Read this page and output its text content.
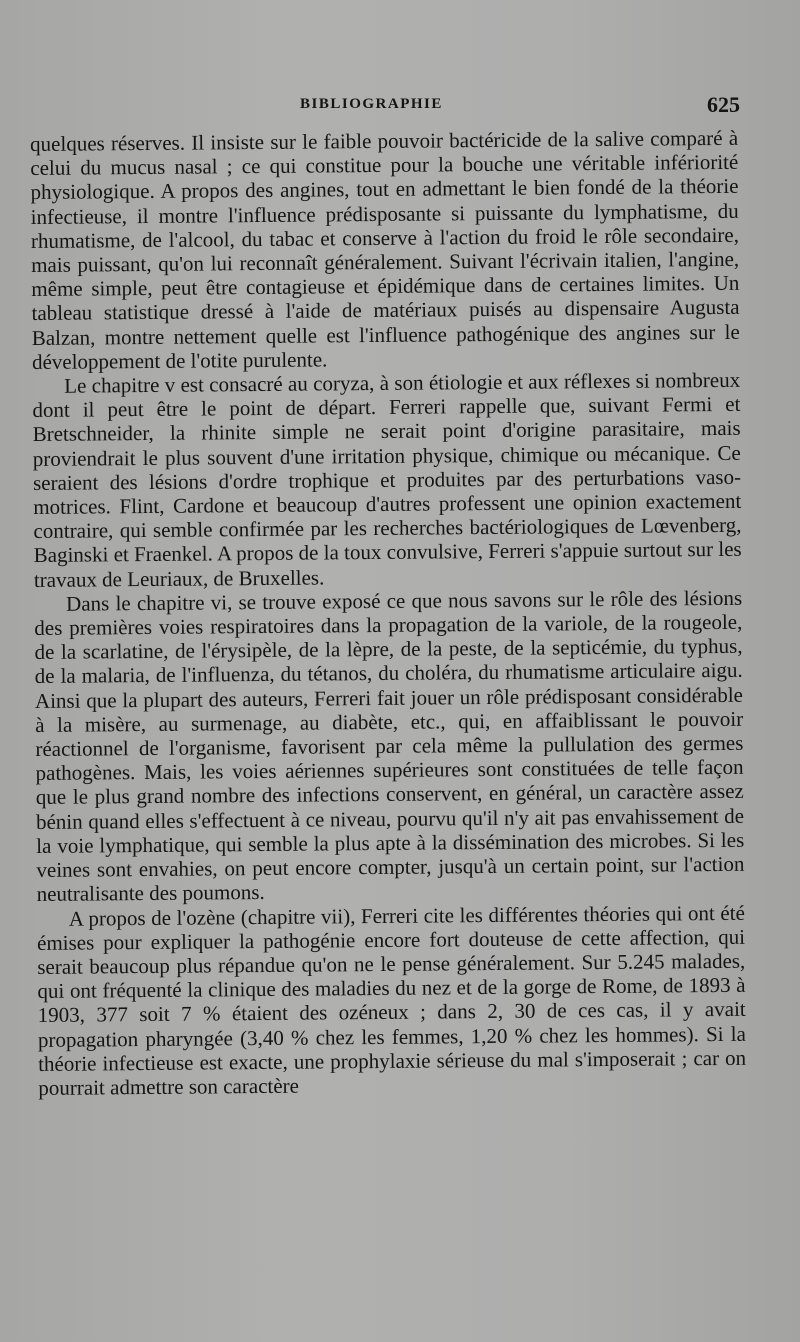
BIBLIOGRAPHIE	625

quelques réserves. Il insiste sur le faible pouvoir bactéricide de la salive comparé à celui du mucus nasal ; ce qui constitue pour la bouche une véritable infériorité physiologique. A propos des angines, tout en admettant le bien fondé de la théorie infectieuse, il montre l'influence prédisposante si puissante du lymphatisme, du rhumatisme, de l'alcool, du tabac et conserve à l'action du froid le rôle secondaire, mais puissant, qu'on lui reconnaît généralement. Suivant l'écrivain italien, l'angine, même simple, peut être contagieuse et épidémique dans de certaines limites. Un tableau statistique dressé à l'aide de matériaux puisés au dispensaire Augusta Balzan, montre nettement quelle est l'influence pathogénique des angines sur le développement de l'otite purulente.

Le chapitre v est consacré au coryza, à son étiologie et aux réflexes si nombreux dont il peut être le point de départ. Ferreri rappelle que, suivant Fermi et Bretschneider, la rhinite simple ne serait point d'origine parasitaire, mais proviendrait le plus souvent d'une irritation physique, chimique ou mécanique. Ce seraient des lésions d'ordre trophique et produites par des perturbations vaso-motrices. Flint, Cardone et beaucoup d'autres professent une opinion exactement contraire, qui semble confirmée par les recherches bactériologiques de Lœvenberg, Baginski et Fraenkel. A propos de la toux convulsive, Ferreri s'appuie surtout sur les travaux de Leuriaux, de Bruxelles.

Dans le chapitre vi, se trouve exposé ce que nous savons sur le rôle des lésions des premières voies respiratoires dans la propagation de la variole, de la rougeole, de la scarlatine, de l'érysipèle, de la lèpre, de la peste, de la septicémie, du typhus, de la malaria, de l'influenza, du tétanos, du choléra, du rhumatisme articulaire aigu. Ainsi que la plupart des auteurs, Ferreri fait jouer un rôle prédisposant considérable à la misère, au surmenage, au diabète, etc., qui, en affaiblissant le pouvoir réactionnel de l'organisme, favorisent par cela même la pullulation des germes pathogènes. Mais, les voies aériennes supérieures sont constituées de telle façon que le plus grand nombre des infections conservent, en général, un caractère assez bénin quand elles s'effectuent à ce niveau, pourvu qu'il n'y ait pas envahissement de la voie lymphatique, qui semble la plus apte à la dissémination des microbes. Si les veines sont envahies, on peut encore compter, jusqu'à un certain point, sur l'action neutralisante des poumons.

A propos de l'ozène (chapitre vii), Ferreri cite les différentes théories qui ont été émises pour expliquer la pathogénie encore fort douteuse de cette affection, qui serait beaucoup plus répandue qu'on ne le pense généralement. Sur 5.245 malades, qui ont fréquenté la clinique des maladies du nez et de la gorge de Rome, de 1893 à 1903, 377 soit 7 % étaient des ozéneux ; dans 2, 30 de ces cas, il y avait propagation pharyngée (3,40 % chez les femmes, 1,20 % chez les hommes). Si la théorie infectieuse est exacte, une prophylaxie sérieuse du mal s'imposerait ; car on pourrait admettre son caractère
